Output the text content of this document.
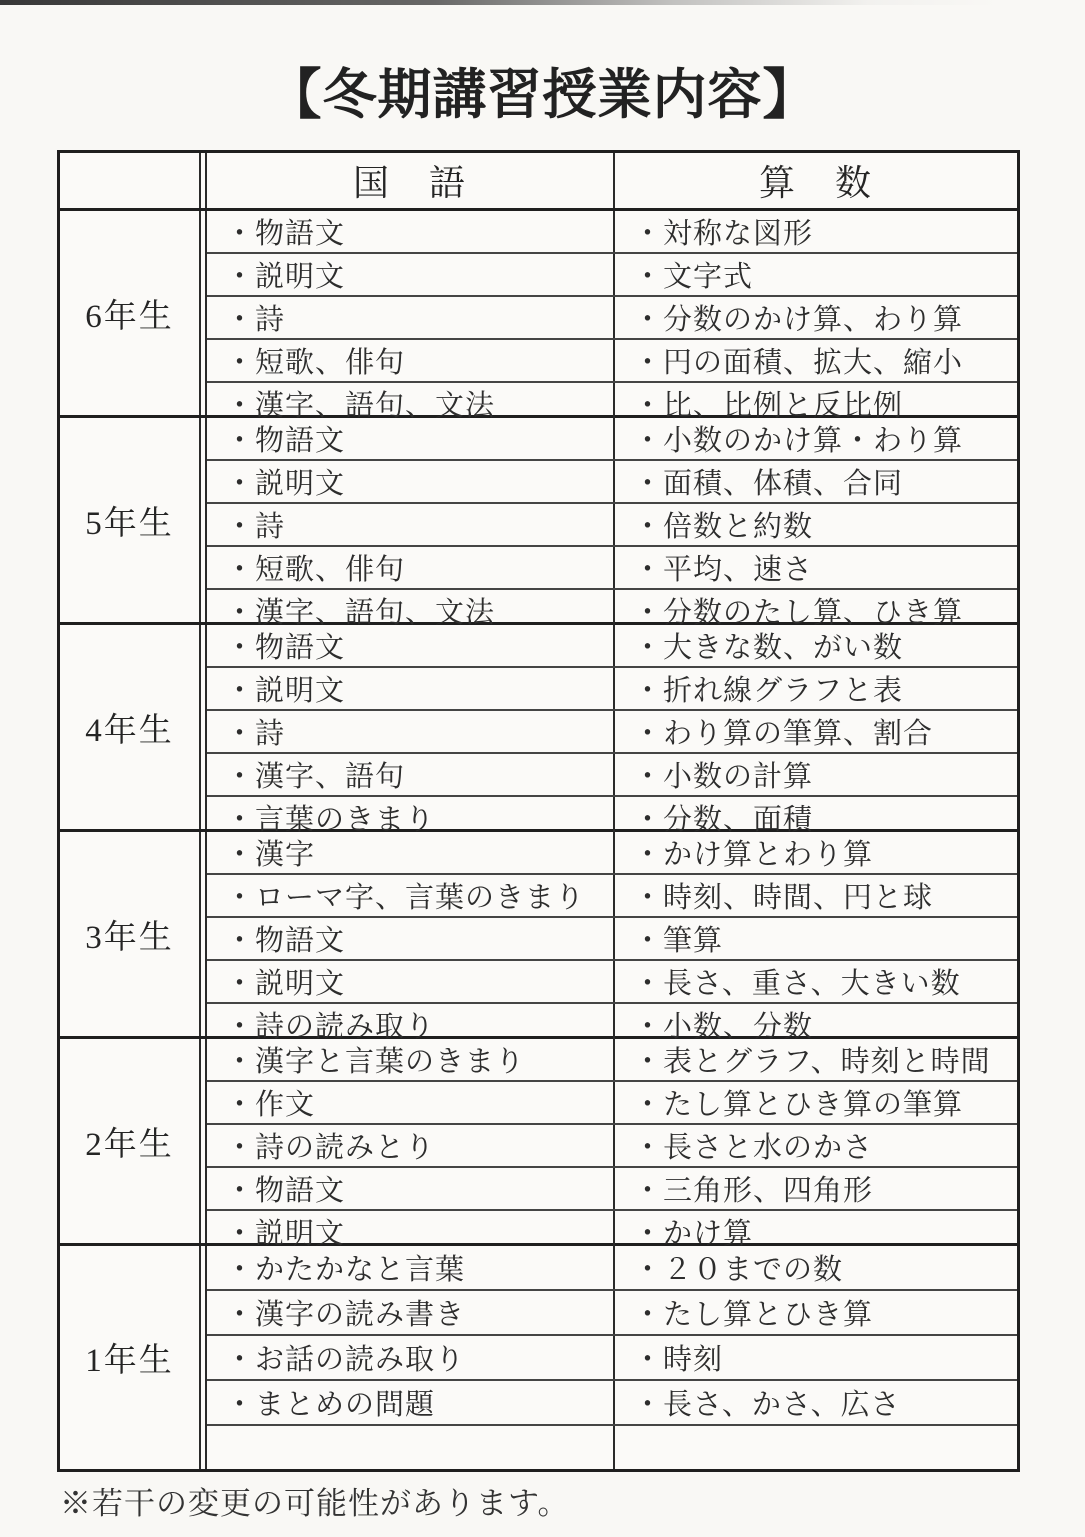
【冬期講習授業内容】
国　語	算　数
6年生
・物語文	・対称な図形
・説明文	・文字式
・詩	・分数のかけ算、わり算
・短歌、俳句	・円の面積、拡大、縮小
・漢字、語句、文法	・比、比例と反比例
5年生
・物語文	・小数のかけ算・わり算
・説明文	・面積、体積、合同
・詩	・倍数と約数
・短歌、俳句	・平均、速さ
・漢字、語句、文法	・分数のたし算、ひき算
4年生
・物語文	・大きな数、がい数
・説明文	・折れ線グラフと表
・詩	・わり算の筆算、割合
・漢字、語句	・小数の計算
・言葉のきまり	・分数、面積
3年生
・漢字	・かけ算とわり算
・ローマ字、言葉のきまり	・時刻、時間、円と球
・物語文	・筆算
・説明文	・長さ、重さ、大きい数
・詩の読み取り	・小数、分数
2年生
・漢字と言葉のきまり	・表とグラフ、時刻と時間
・作文	・たし算とひき算の筆算
・詩の読みとり	・長さと水のかさ
・物語文	・三角形、四角形
・説明文	・かけ算
1年生
・かたかなと言葉	・２０までの数
・漢字の読み書き	・たし算とひき算
・お話の読み取り	・時刻
・まとめの問題	・長さ、かさ、広さ
※若干の変更の可能性があります。
